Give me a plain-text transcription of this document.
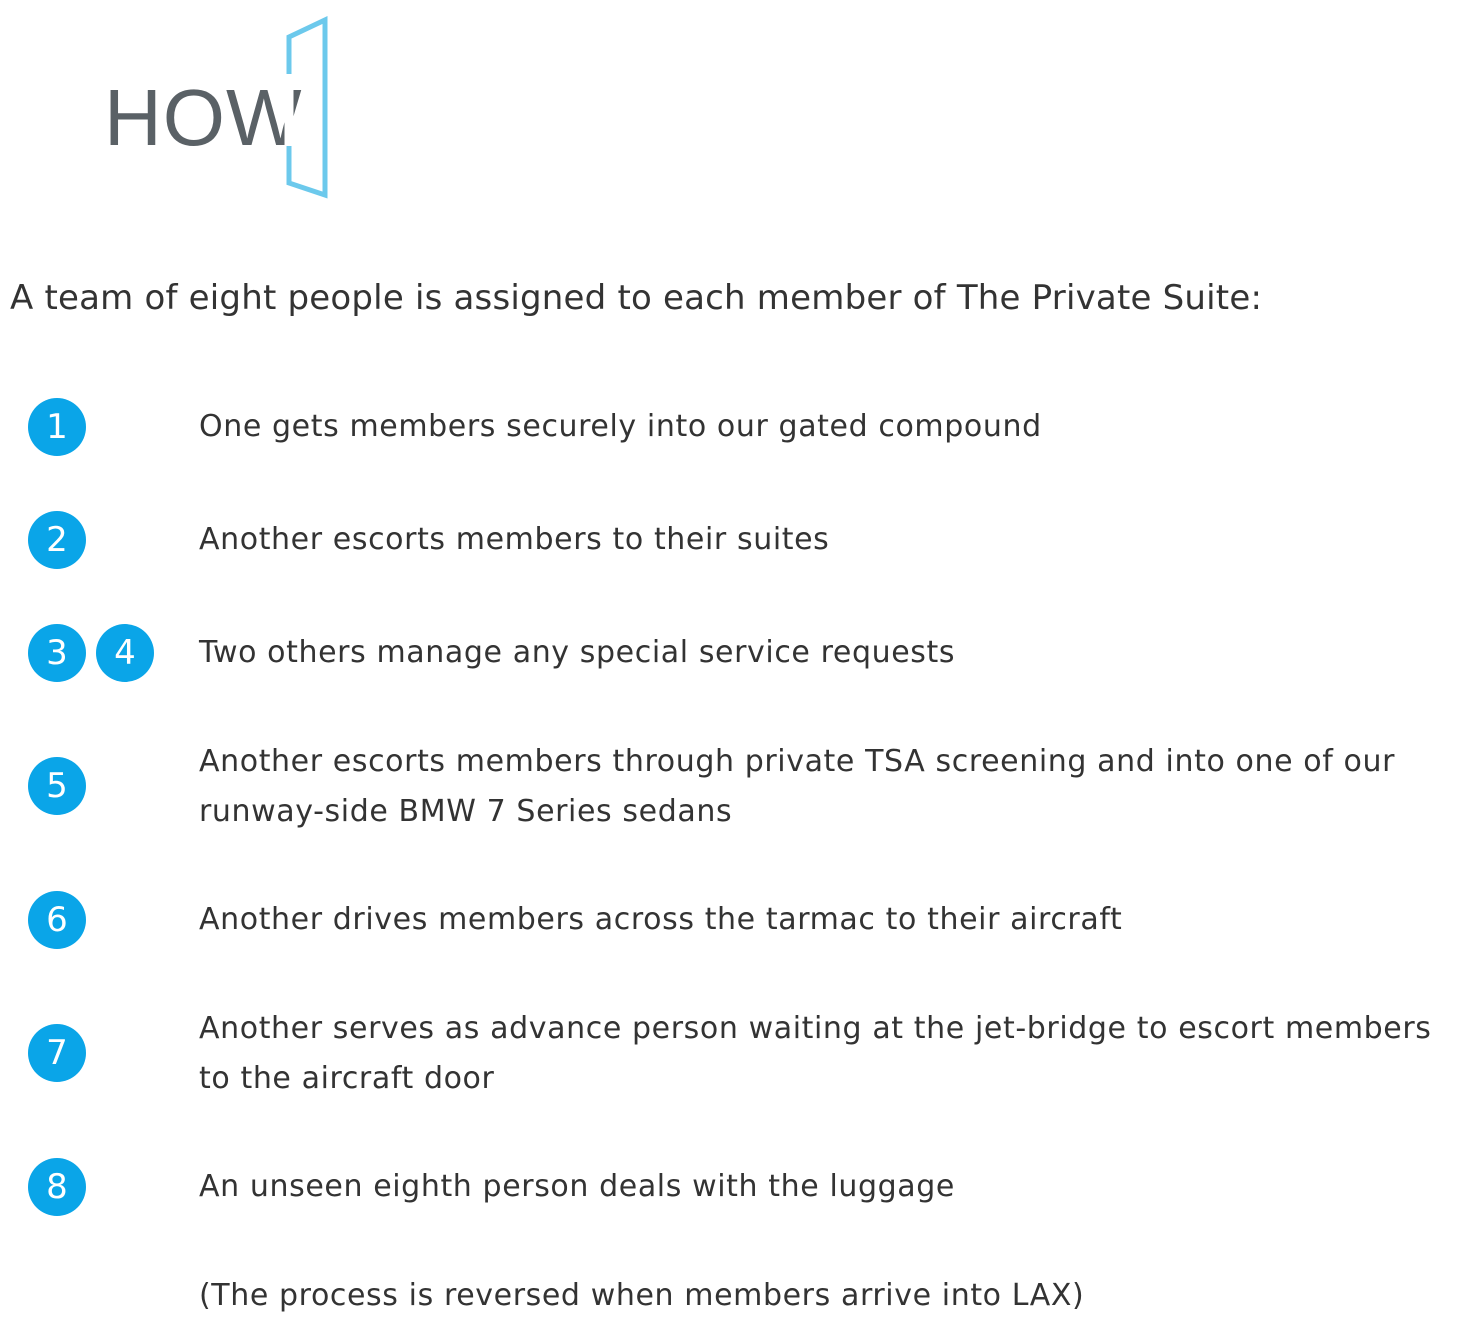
HOW
A team of eight people is assigned to each member of The Private Suite:
1	One gets members securely into our gated compound

2	Another escorts members to their suites

3	4	Two others manage any special service requests

5

Another escorts members through private TSA screening and into one of our runway-side BMW 7 Series sedans

6	Another drives members across the tarmac to their aircraft

7

Another serves as advance person waiting at the jet-bridge to escort members to the aircraft door

8	An unseen eighth person deals with the luggage

(The process is reversed when members arrive into LAX)
